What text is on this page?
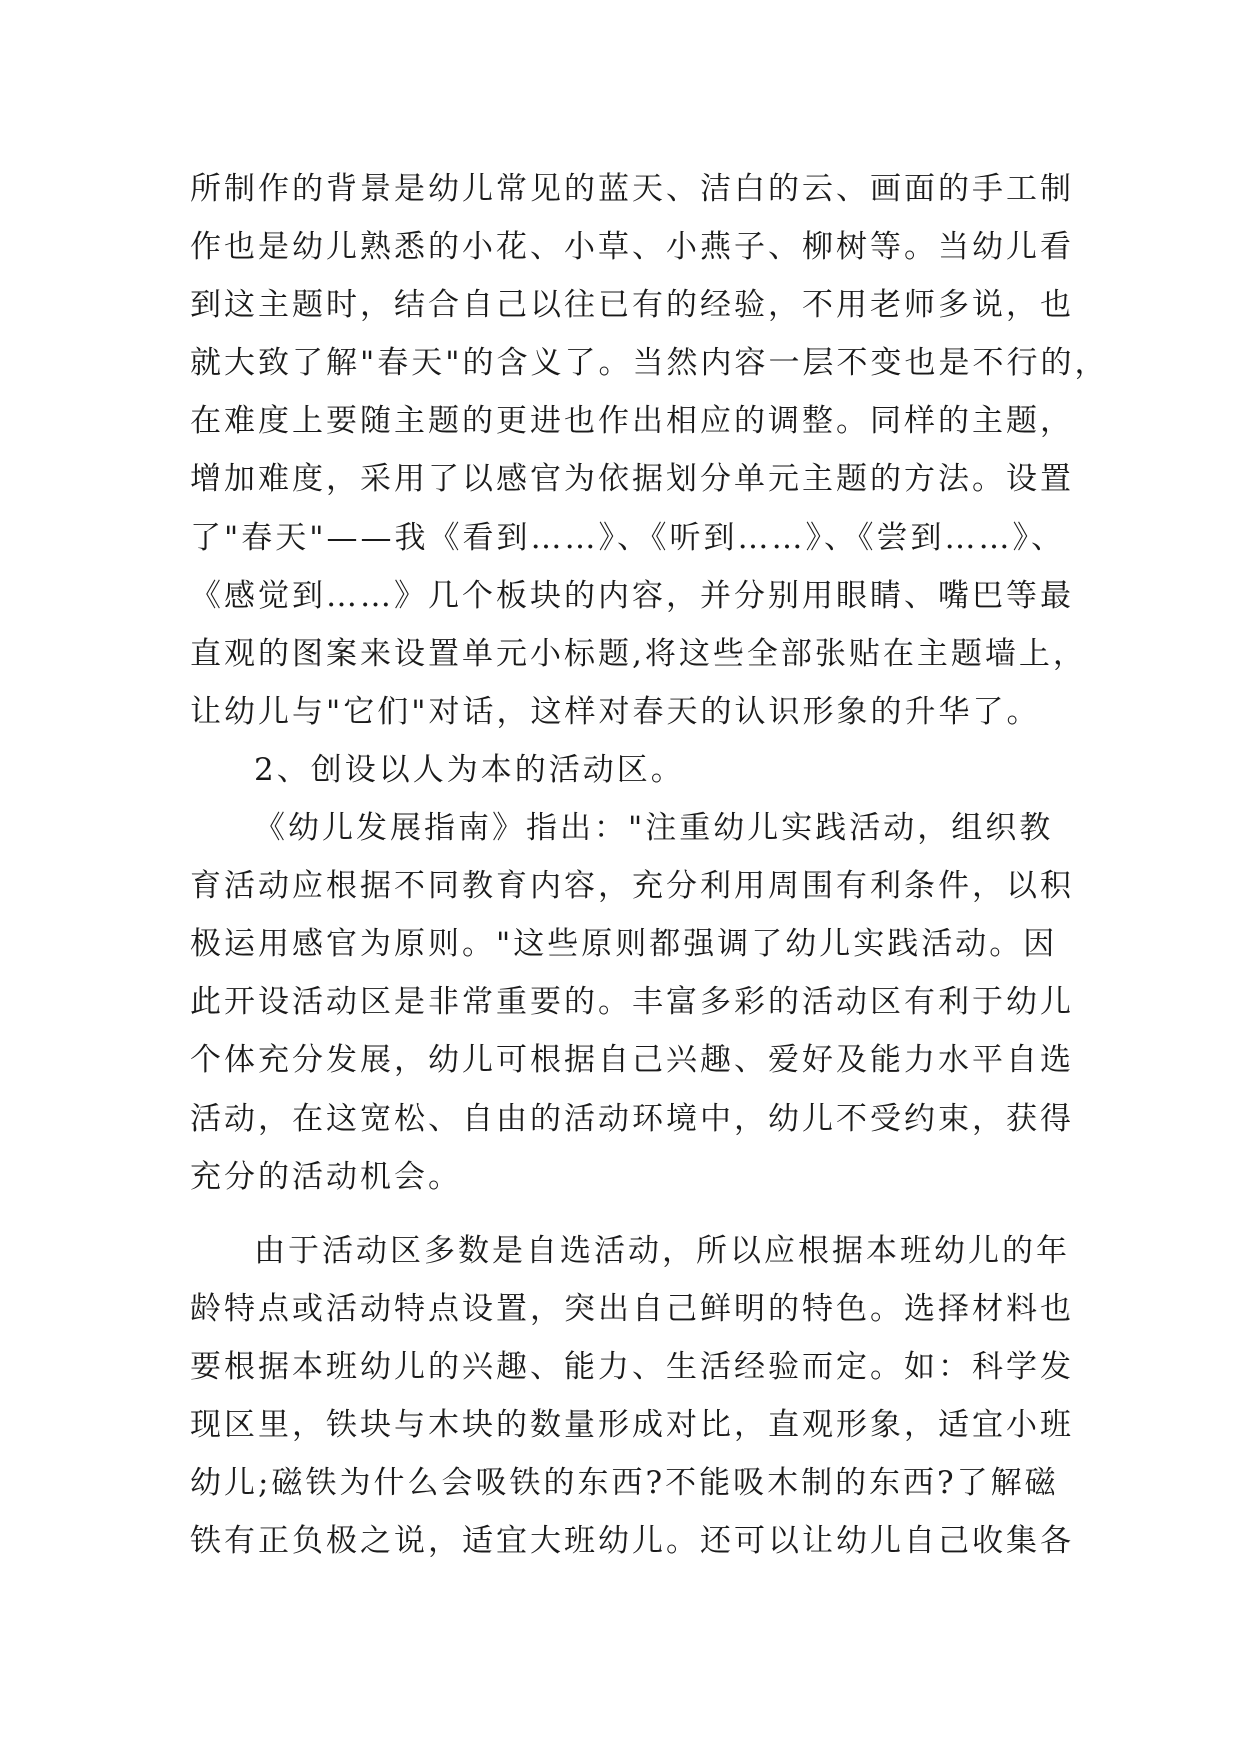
所制作的背景是幼儿常见的蓝天、洁白的云、画面的手工制
作也是幼儿熟悉的小花、小草、小燕子、柳树等。当幼儿看
到这主题时，结合自己以往已有的经验，不用老师多说，也
就大致了解"春天"的含义了。当然内容一层不变也是不行的，
在难度上要随主题的更进也作出相应的调整。同样的主题，
增加难度，采用了以感官为依据划分单元主题的方法。设置
了"春天"——我《看到……》、《听到……》、《尝到……》、
《感觉到……》几个板块的内容，并分别用眼睛、嘴巴等最
直观的图案来设置单元小标题,将这些全部张贴在主题墙上，
让幼儿与"它们"对话，这样对春天的认识形象的升华了。
2、创设以人为本的活动区。
《幼儿发展指南》指出："注重幼儿实践活动，组织教
育活动应根据不同教育内容，充分利用周围有利条件，以积
极运用感官为原则。"这些原则都强调了幼儿实践活动。因
此开设活动区是非常重要的。丰富多彩的活动区有利于幼儿
个体充分发展，幼儿可根据自己兴趣、爱好及能力水平自选
活动，在这宽松、自由的活动环境中，幼儿不受约束，获得
充分的活动机会。
由于活动区多数是自选活动，所以应根据本班幼儿的年
龄特点或活动特点设置，突出自己鲜明的特色。选择材料也
要根据本班幼儿的兴趣、能力、生活经验而定。如：科学发
现区里，铁块与木块的数量形成对比，直观形象，适宜小班
幼儿;磁铁为什么会吸铁的东西?不能吸木制的东西?了解磁
铁有正负极之说，适宜大班幼儿。还可以让幼儿自己收集各
